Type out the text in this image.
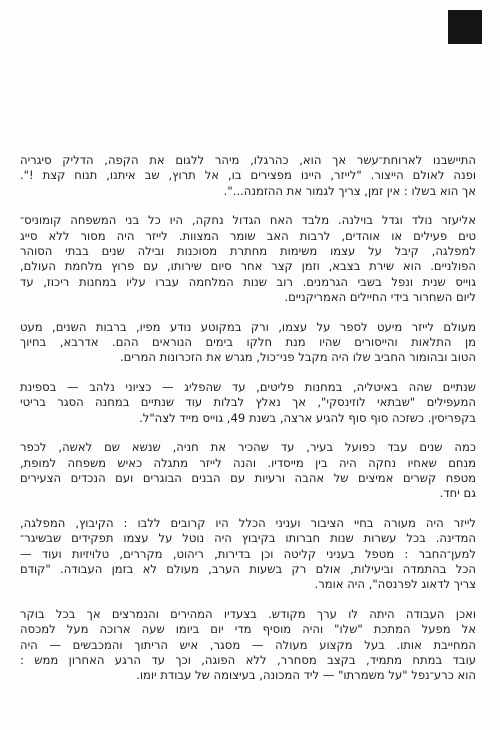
התיישבנו לארוחת־עשר אך הוא, כהרגלו, מיהר ללגום את הקפה, הדליק סיגריה
ופנה לאולם הייצור. "לייזר, היינו מפצירים בו, אל תרוץ, שב איתנו, תנוח קצת !".
אך הוא בשלו : אין זמן, צריך לגמור את ההזמנה...".

אליעזר נולד וגדל בוילנה. מלבד האח הגדול נחקה, היו כל בני המשפחה קומוניס־
טים פעילים או אוהדים, לרבות האב שומר המצוות. לייזר היה מסור ללא סייג
למפלגה, קיבל על עצמו משימות מחתרת מסוכנות ובילה שנים בבתי הסוהר
הפולניים. הוא שירת בצבא, וזמן קצר אחר סיום שירותו, עם פרוץ מלחמת העולם,
גוייס שנית ונפל בשבי הגרמנים. רוב שנות המלחמה עברו עליו במחנות ריכוז, עד
ליום השחרור בידי החיילים האמריקניים.

מעולם לייזר מיעט לספר על עצמו, ורק במקוטע נודע מפיו, ברבות השנים, מעט
מן התלאות והייסורים שהיו מנת חלקו בימים הנוראים ההם. אדרבא, בחיוך
הטוב ובהומור החביב שלו היה מקבל פני־כול, מגרש את הזכרונות המרים.

שנתיים שהה באיטליה, במחנות פליטים, עד שהפליג — כציוני נלהב — בספינת
המעפילים "שבתאי לוזינסקי", אך נאלץ לבלות עוד שנתיים במחנה הסגר בריטי
בקפריסין. כשזכה סוף סוף להגיע ארצה, בשנת 49, גוייס מייד לצה"ל.

כמה שנים עבד כפועל בעיר, עד שהכיר את חניה, שנשא שם לאשה, לכפר
מנחם שאחיו נחקה היה בין מייסדיו. והנה לייזר מתגלה כאיש משפחה למופת,
מטפח קשרים אמיצים של אהבה ורעיות עם הבנים הבוגרים ועם הנכדים הצעירים
גם יחד.

לייזר היה מעורה בחיי הציבור ועניני הכלל היו קרובים ללבו : הקיבוץ, המפלגה,
המדינה. בכל עשרות שנות חברותו בקיבוץ היה נוטל על עצמו תפקידים שבשיגר־
למען־החבר : מטפל בעניני קליטה וכן בדירות, ריהוט, מקררים, טלויזיות ועוד —
הכל בהתמדה וביעילות, אולם רק בשעות הערב, מעולם לא בזמן העבודה. "קודם
צריך לדאוג לפרנסה", היה אומר.

ואכן העבודה היתה לו ערך מקודש. בצעדיו המהירים והנמרצים אך בכל בוקר
אל מפעל המתכת "שלו" והיה מוסיף מדי יום ביומו שעה ארוכה מעל למכסה
המחייבת אותו. בעל מקצוע מעולה — מסגר, איש הריתוך והמכבשים — היה
עובד במתח מתמיד, בקצב מסחרר, ללא הפוגה, וכך עד הרגע האחרון ממש :
הוא כרע־נפל "על משמרתו" — ליד המכונה, בעיצומה של עבודת יומו.
